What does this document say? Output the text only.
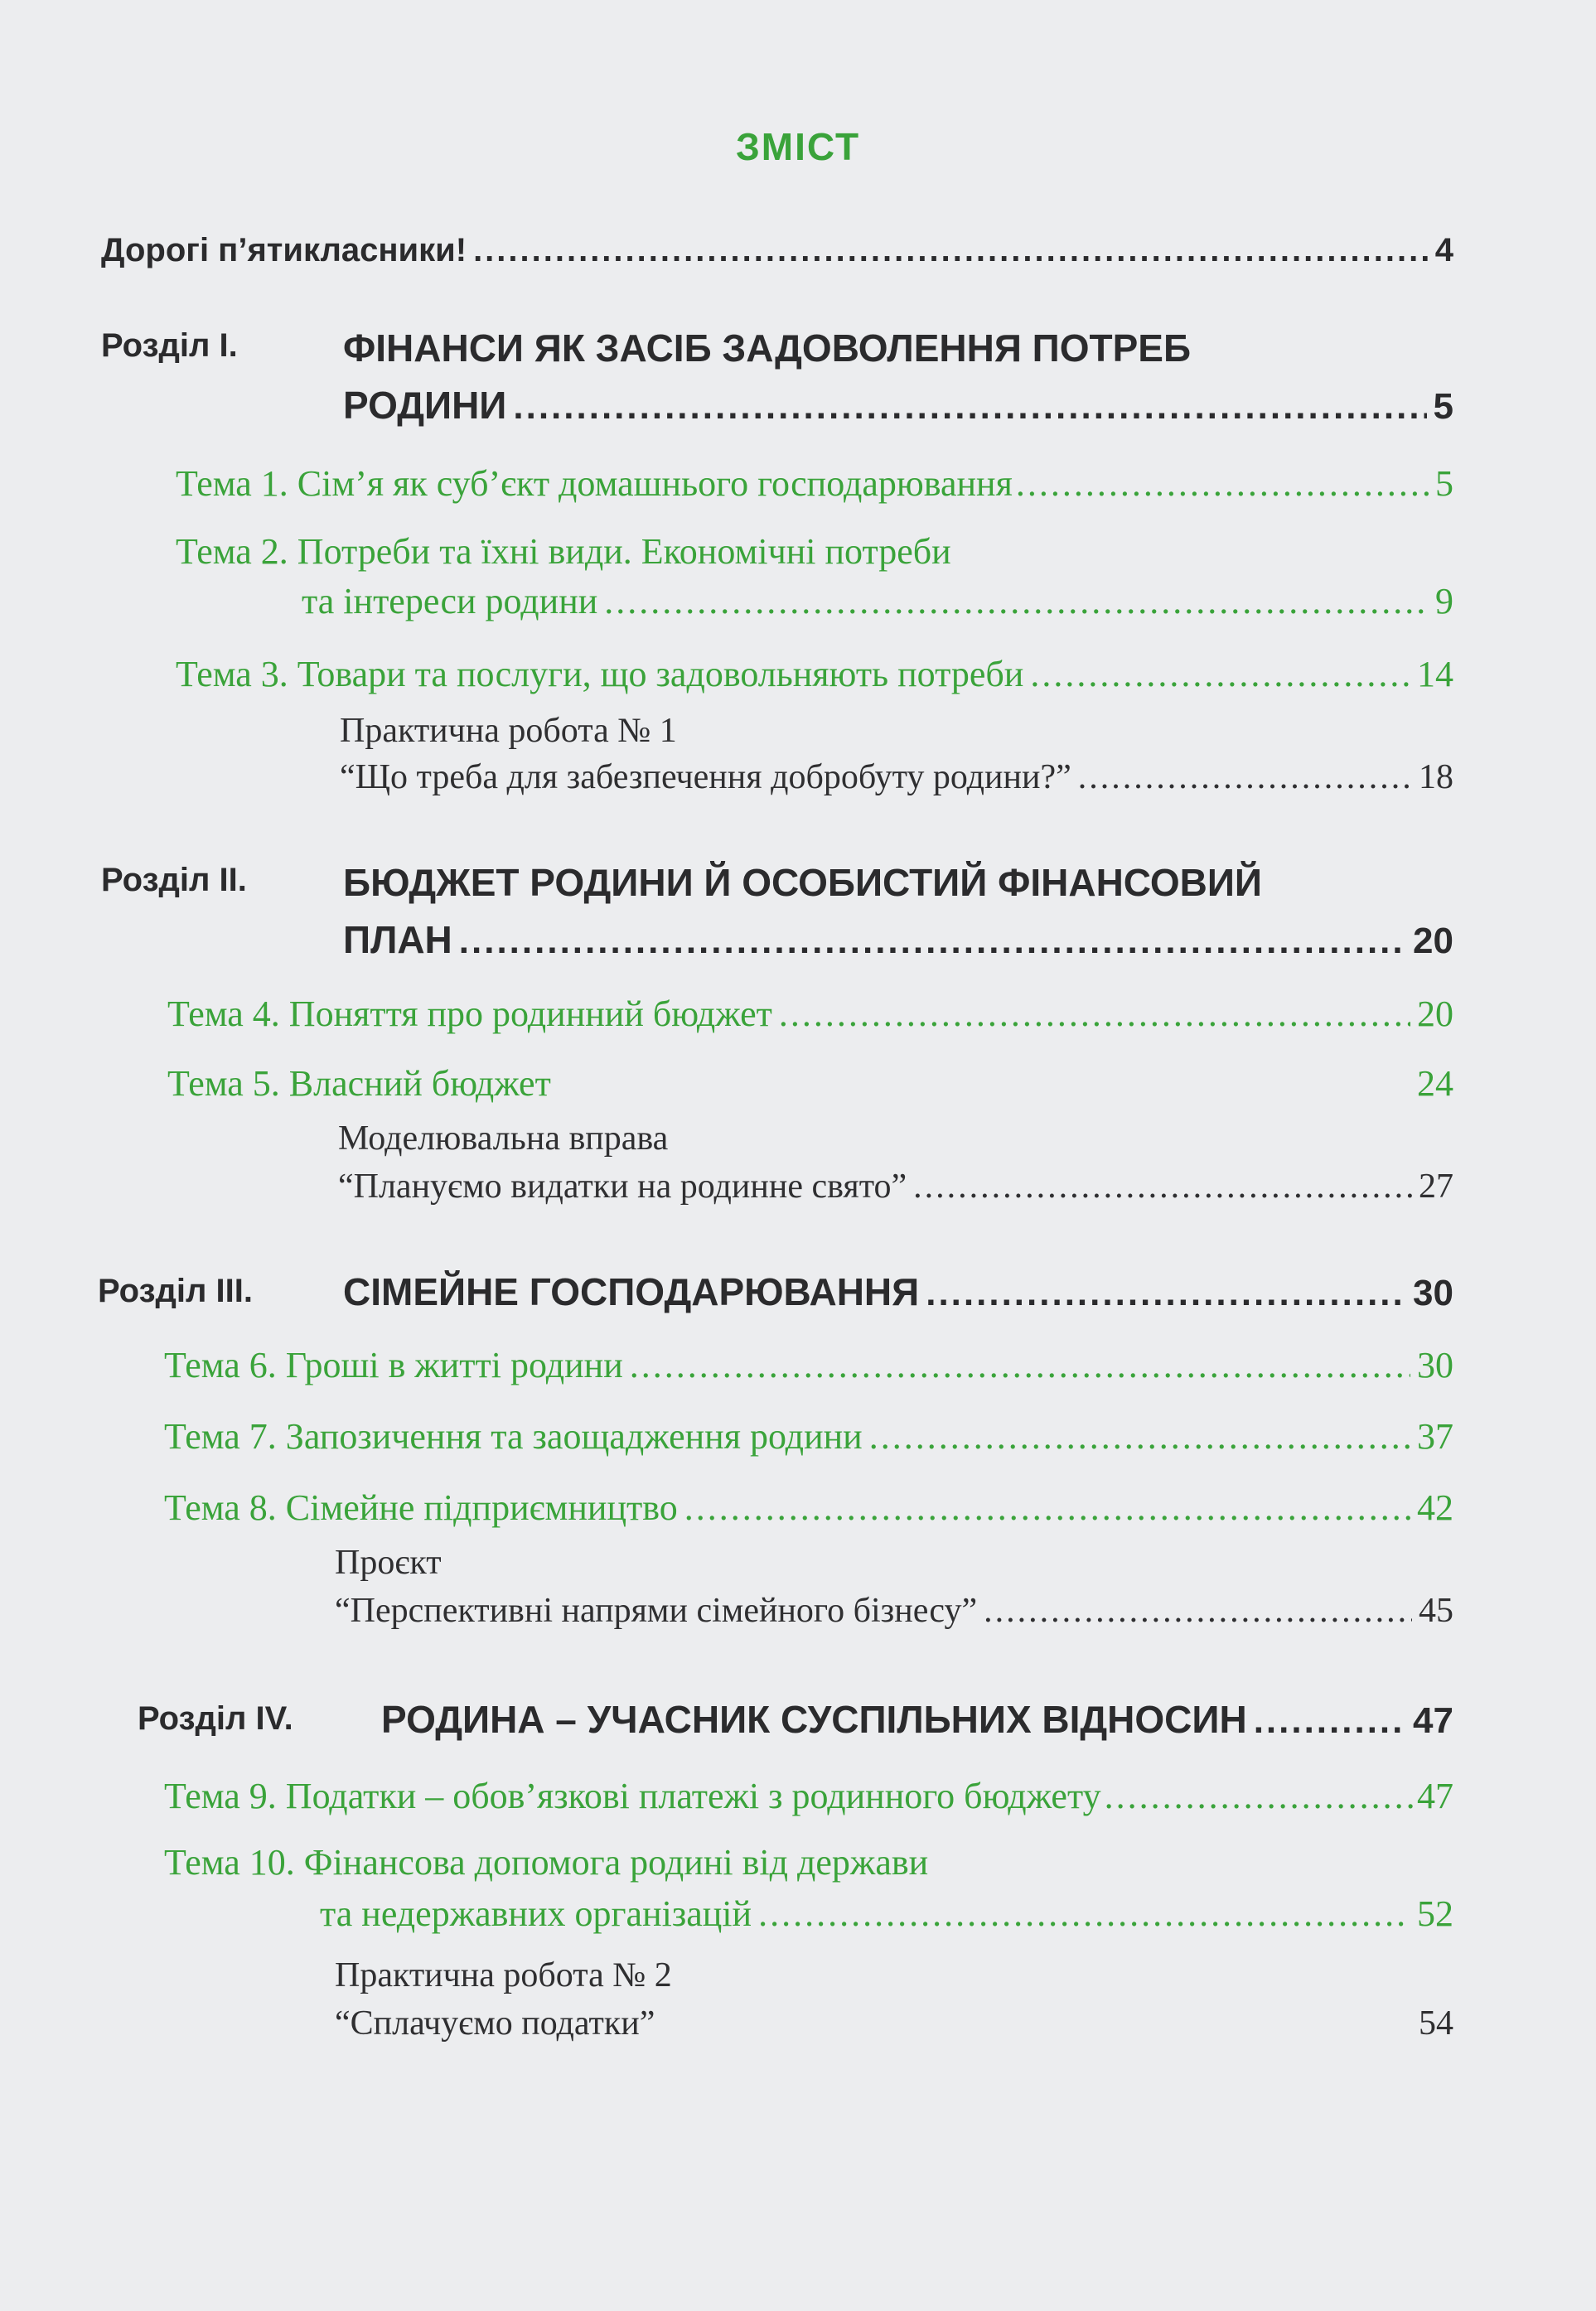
ЗМІСТ
Дорогі п’ятикласники! .....	4
Розділ І.	ФІНАНСИ ЯК ЗАСІБ ЗАДОВОЛЕННЯ ПОТРЕБ
РОДИНИ .....	5
Тема 1. Сім’я як суб’єкт домашнього господарювання .....	5
Тема 2. Потреби та їхні види. Економічні потреби
та інтереси родини .....	9
Тема 3. Товари та послуги, що задовольняють потреби .....	14
Практична робота № 1
“Що треба для забезпечення добробуту родини?” .....	18
Розділ ІІ.	БЮДЖЕТ РОДИНИ Й ОСОБИСТИЙ ФІНАНСОВИЙ
ПЛАН .....	20
Тема 4. Поняття про родинний бюджет .....	20
Тема 5. Власний бюджет	24
Моделювальна вправа
“Плануємо видатки на родинне свято” .....	27
Розділ ІІІ. СІМЕЙНЕ ГОСПОДАРЮВАННЯ .....	30
Тема 6. Гроші в житті родини .....	30
Тема 7. Запозичення та заощадження родини .....	37
Тема 8. Сімейне підприємництво .....	42
Проєкт
“Перспективні напрями сімейного бізнесу” .....	45
Розділ IV. РОДИНА – УЧАСНИК СУСПІЛЬНИХ ВІДНОСИН .....	47
Тема 9. Податки – обов’язкові платежі з родинного бюджету .....	47
Тема 10. Фінансова допомога родині від держави
та недержавних організацій .....	52
Практична робота № 2
“Сплачуємо податки”	54
